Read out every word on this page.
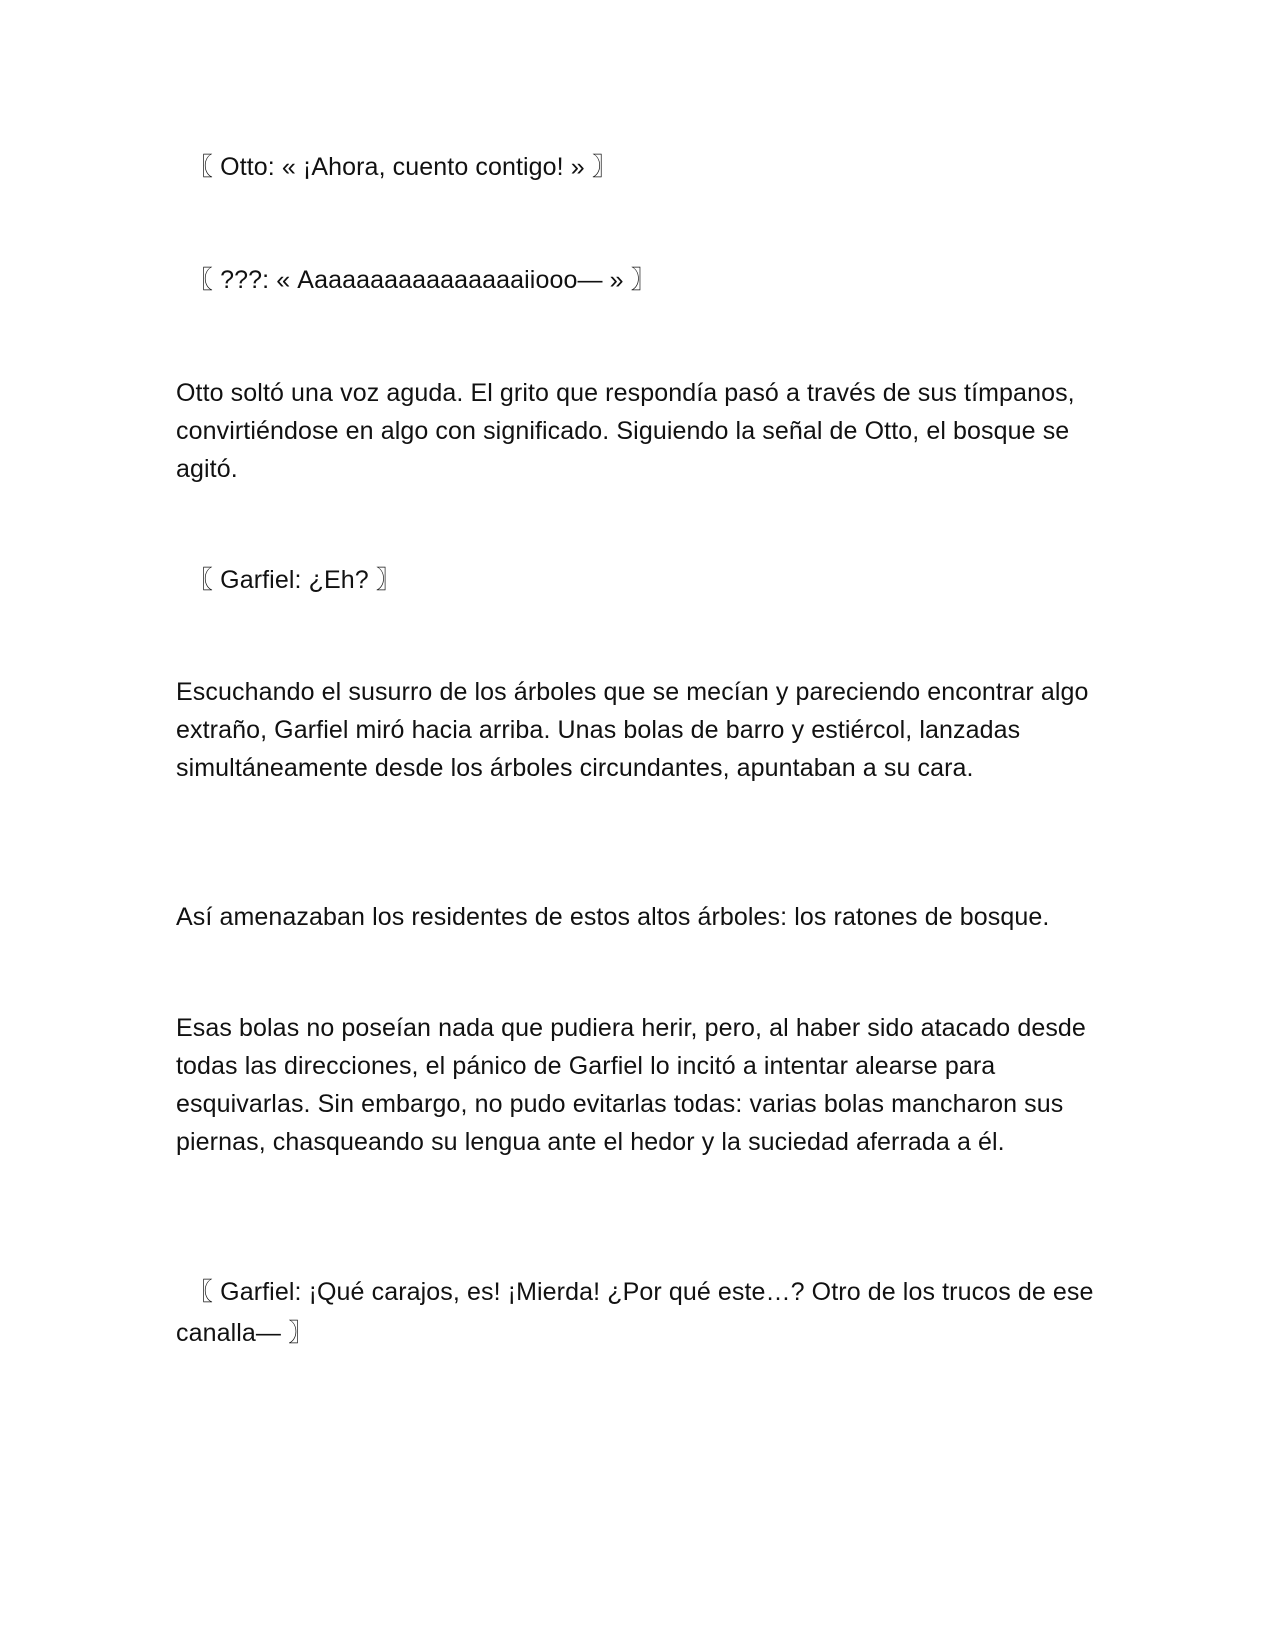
〖 Otto: « ¡Ahora, cuento contigo! » 〗

〖 ???: « Aaaaaaaaaaaaaaaaiiooo— » 〗

Otto soltó una voz aguda. El grito que respondía pasó a través de sus tímpanos, convirtiéndose en algo con significado. Siguiendo la señal de Otto, el bosque se agitó.

〖 Garfiel: ¿Eh? 〗

Escuchando el susurro de los árboles que se mecían y pareciendo encontrar algo extraño, Garfiel miró hacia arriba. Unas bolas de barro y estiércol, lanzadas simultáneamente desde los árboles circundantes, apuntaban a su cara.

Así amenazaban los residentes de estos altos árboles: los ratones de bosque.

Esas bolas no poseían nada que pudiera herir, pero, al haber sido atacado desde todas las direcciones, el pánico de Garfiel lo incitó a intentar alearse para esquivarlas. Sin embargo, no pudo evitarlas todas: varias bolas mancharon sus piernas, chasqueando su lengua ante el hedor y la suciedad aferrada a él.

〖 Garfiel: ¡Qué carajos, es! ¡Mierda! ¿Por qué este…? Otro de los trucos de ese canalla— 〗
